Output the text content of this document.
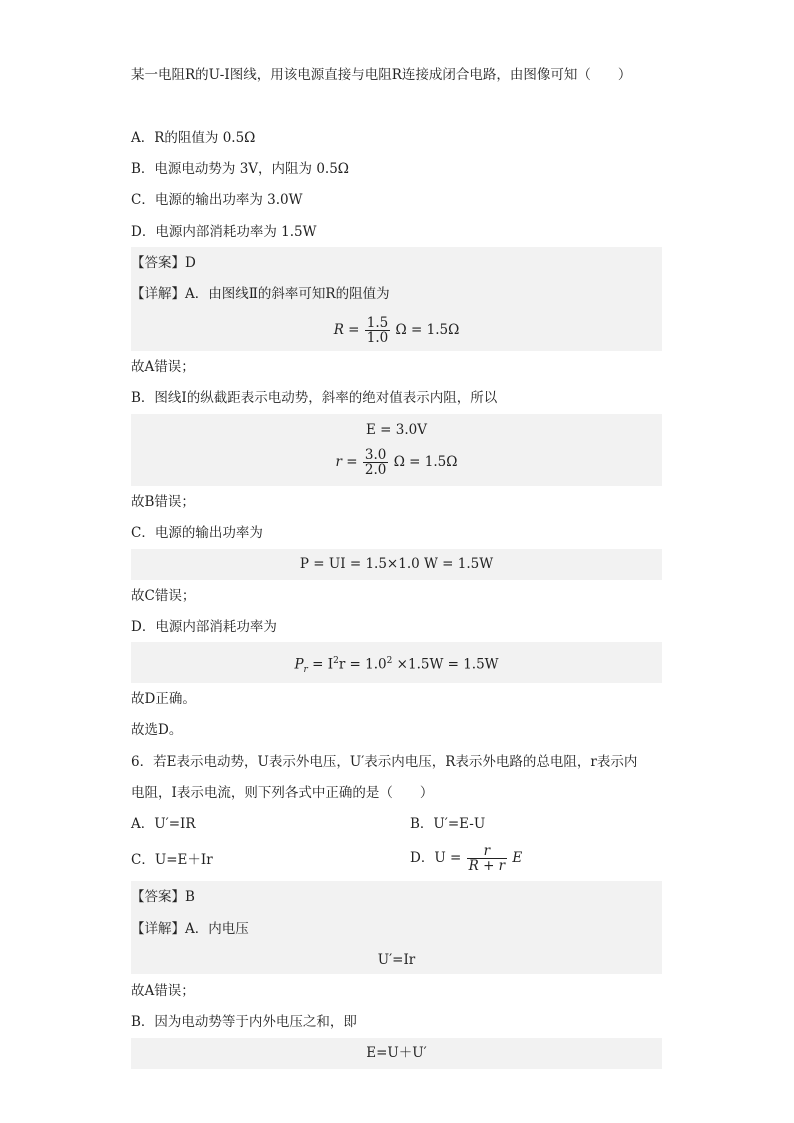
某一电阻R的U-I图线，用该电源直接与电阻R连接成闭合电路，由图像可知（　　）
A．R的阻值为 0.5Ω
B．电源电动势为 3V，内阻为 0.5Ω
C．电源的输出功率为 3.0W
D．电源内部消耗功率为 1.5W
【答案】D
【详解】A．由图线Ⅱ的斜率可知R的阻值为
$R = \frac{1.5}{1.0}$ Ω = 1.5Ω
故A错误；
B．图线Ⅰ的纵截距表示电动势，斜率的绝对值表示内阻，所以
E = 3.0V
$r = \frac{3.0}{2.0}$ Ω = 1.5Ω
故B错误；
C．电源的输出功率为
P = UI = 1.5×1.0 W = 1.5W
故C错误；
D．电源内部消耗功率为
$P_r = I^2r = 1.0^2 \times 1.5W = 1.5W$
故D正确。
故选D。
6．若E表示电动势，U表示外电压，U′表示内电压，R表示外电路的总电阻，r表示内
电阻，I表示电流，则下列各式中正确的是（　　）
A．U′=IR	B．U′=E-U
C．U=E＋Ir	D．$U = \frac{r}{R + r}$ E
【答案】B
【详解】A．内电压
U′=Ir
故A错误；
B．因为电动势等于内外电压之和，即
E=U＋U′
